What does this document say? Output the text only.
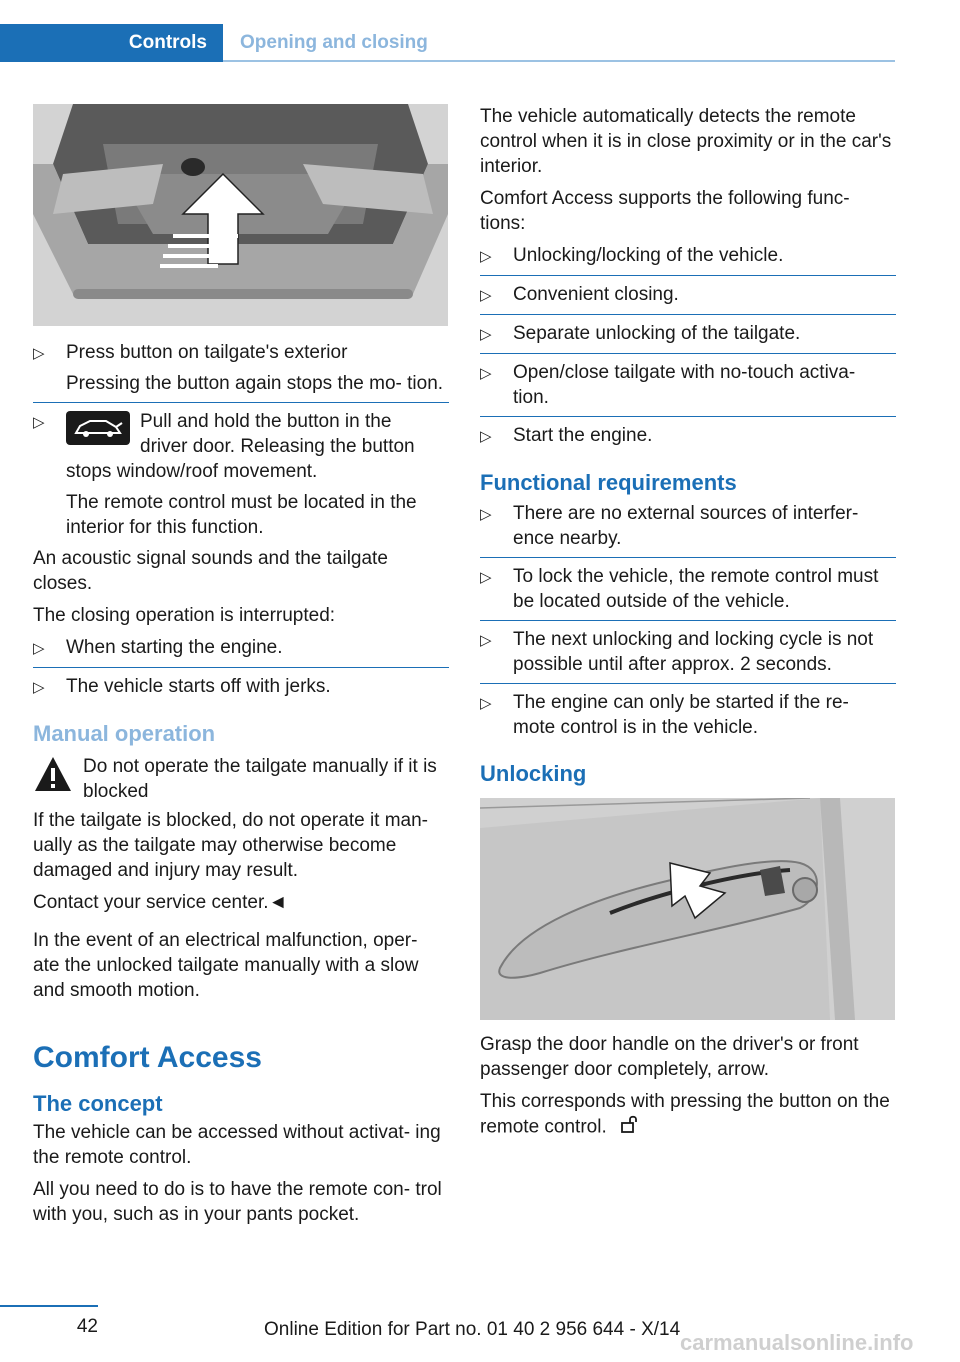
Controls	Opening and closing
▷	Press button on tailgate's exterior

Pressing the button again stops the mo- tion.

▷	Pull and hold the button in the

driver door. Releasing the button

stops window/roof movement.

The remote control must be located in the interior for this function.

An acoustic signal sounds and the tailgate closes.

The closing operation is interrupted:

▷	When starting the engine.

▷	The vehicle starts off with jerks.

Manual operation

Do not operate the tailgate manually if it is blocked

If the tailgate is blocked, do not operate it man- ually as the tailgate may otherwise become damaged and injury may result.

Contact your service center.◄

In the event of an electrical malfunction, oper- ate the unlocked tailgate manually with a slow and smooth motion.

Comfort Access
The concept

The vehicle can be accessed without activat- ing the remote control.

All you need to do is to have the remote con- trol with you, such as in your pants pocket.

The vehicle automatically detects the remote control when it is in close proximity or in the car's interior.

Comfort Access supports the following func- tions:

▷	Unlocking/locking of the vehicle.

▷	Convenient closing.

▷	Separate unlocking of the tailgate.

▷	Open/close tailgate with no-touch activa- tion.

▷	Start the engine.

Functional requirements
▷	There are no external sources of interfer- ence nearby.

▷	To lock the vehicle, the remote control must be located outside of the vehicle.

▷	The next unlocking and locking cycle is not possible until after approx. 2 seconds.

▷	The engine can only be started if the re- mote control is in the vehicle.

Unlocking

Grasp the door handle on the driver's or front passenger door completely, arrow.

This corresponds with pressing the button on the remote control.

42	Online Edition for Part no. 01 40 2 956 644 - X/14
carmanualsonline.info
